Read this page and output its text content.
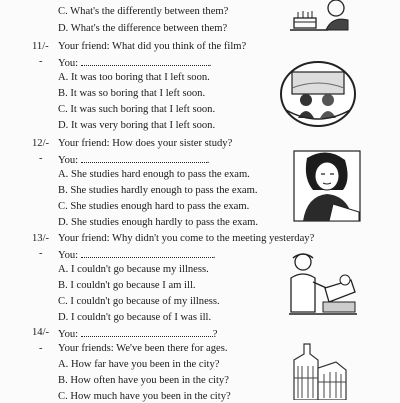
C. What's the differently between them?
D. What's the difference between them?
11/- Your friend: What did you think of the film?
- You:	.
A. It was too boring that I left soon.
B. It was so boring that I left soon.
C. It was such boring that I left soon.
D. It was very boring that I left soon.
12/- Your friend: How does your sister study?
- You:	.
A. She studies hard enough to pass the exam.
B. She studies hardly enough to pass the exam.
C. She studies enough hard to pass the exam.
D. She studies enough hardly to pass the exam.
13/- Your friend: Why didn't you come to the meeting yesterday?
- You:	.
A. I couldn't go because my illness.
B. I couldn't go because I am ill.
C. I couldn't go because of my illness.
D. I couldn't go because of I was ill.
14/- You:	?
- Your friends: We've been there for ages.
A. How far have you been in the city?
B. How often have you been in the city?
C. How much have you been in the city?
